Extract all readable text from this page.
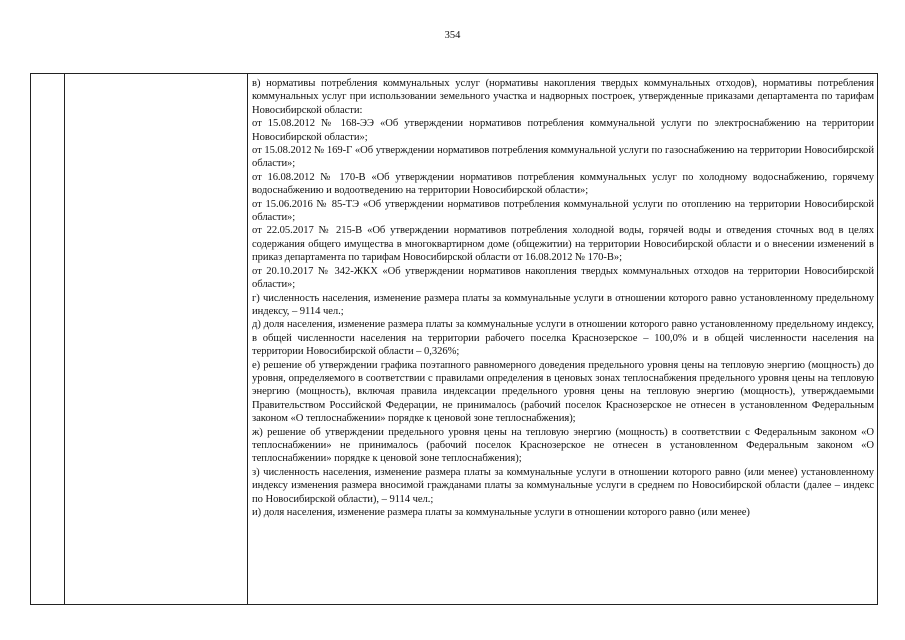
354
в) нормативы потребления коммунальных услуг (нормативы накопления твердых коммунальных отходов), нормативы потребления коммунальных услуг при использовании земельного участка и надворных построек, утвержденные приказами департамента по тарифам Новосибирской области:
от 15.08.2012 № 168-ЭЭ «Об утверждении нормативов потребления коммунальной услуги по электроснабжению на территории Новосибирской области»;
от 15.08.2012 № 169-Г «Об утверждении нормативов потребления коммунальной услуги по газоснабжению на территории Новосибирской области»;
от 16.08.2012 № 170-В «Об утверждении нормативов потребления коммунальных услуг по холодному водоснабжению, горячему водоснабжению и водоотведению на территории Новосибирской области»;
от 15.06.2016 № 85-ТЭ «Об утверждении нормативов потребления коммунальной услуги по отоплению на территории Новосибирской области»;
от 22.05.2017 № 215-В «Об утверждении нормативов потребления холодной воды, горячей воды и отведения сточных вод в целях содержания общего имущества в многоквартирном доме (общежитии) на территории Новосибирской области и о внесении изменений в приказ департамента по тарифам Новосибирской области от 16.08.2012 № 170-В»;
от 20.10.2017 № 342-ЖКХ «Об утверждении нормативов накопления твердых коммунальных отходов на территории Новосибирской области»;
г) численность населения, изменение размера платы за коммунальные услуги в отношении которого равно установленному предельному индексу, – 9114 чел.;
д) доля населения, изменение размера платы за коммунальные услуги в отношении которого равно установленному предельному индексу, в общей численности населения на территории рабочего поселка Краснозерское – 100,0% и в общей численности населения на территории Новосибирской области – 0,326%;
е) решение об утверждении графика поэтапного равномерного доведения предельного уровня цены на тепловую энергию (мощность) до уровня, определяемого в соответствии с правилами определения в ценовых зонах теплоснабжения предельного уровня цены на тепловую энергию (мощность), включая правила индексации предельного уровня цены на тепловую энергию (мощность), утверждаемыми Правительством Российской Федерации, не принималось (рабочий поселок Краснозерское не отнесен в установленном Федеральным законом «О теплоснабжении» порядке к ценовой зоне теплоснабжения);
ж) решение об утверждении предельного уровня цены на тепловую энергию (мощность) в соответствии с Федеральным законом «О теплоснабжении» не принималось (рабочий поселок Краснозерское не отнесен в установленном Федеральным законом «О теплоснабжении» порядке к ценовой зоне теплоснабжения);
з) численность населения, изменение размера платы за коммунальные услуги в отношении которого равно (или менее) установленному индексу изменения размера вносимой гражданами платы за коммунальные услуги в среднем по Новосибирской области (далее – индекс по Новосибирской области), – 9114 чел.;
и) доля населения, изменение размера платы за коммунальные услуги в отношении которого равно (или менее)
